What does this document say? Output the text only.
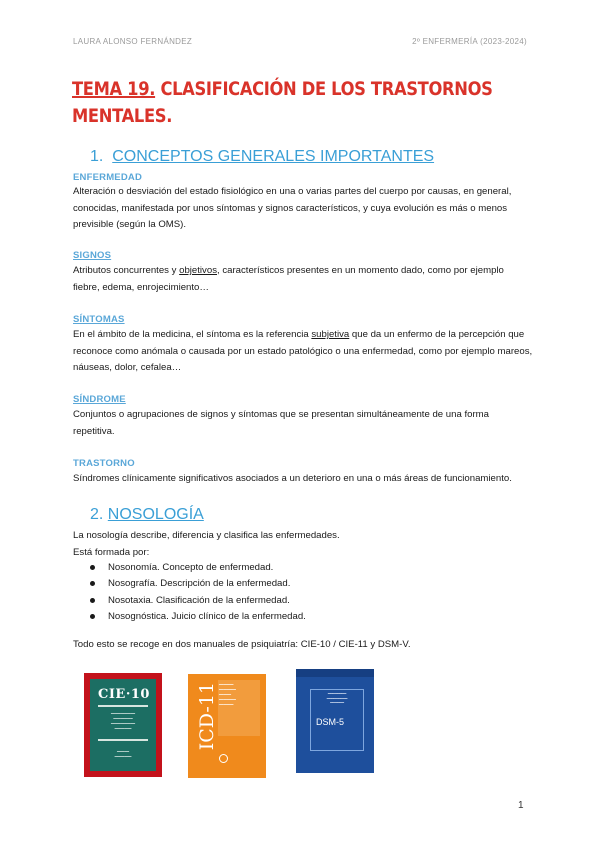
LAURA ALONSO FERNÁNDEZ	2º ENFERMERÍA (2023-2024)
TEMA 19. CLASIFICACIÓN DE LOS TRASTORNOS
MENTALES.
1. CONCEPTOS GENERALES IMPORTANTES
ENFERMEDAD
Alteración o desviación del estado fisiológico en una o varias partes del cuerpo por causas, en general, conocidas, manifestada por unos síntomas y signos característicos, y cuya evolución es más o menos previsible (según la OMS).
SIGNOS
Atributos concurrentes y objetivos, característicos presentes en un momento dado, como por ejemplo fiebre, edema, enrojecimiento…
SÍNTOMAS
En el ámbito de la medicina, el síntoma es la referencia subjetiva que da un enfermo de la percepción que reconoce como anómala o causada por un estado patológico o una enfermedad, como por ejemplo mareos, náuseas, dolor, cefalea…
SÍNDROME
Conjuntos o agrupaciones de signos y síntomas que se presentan simultáneamente de una forma repetitiva.
TRASTORNO
Síndromes clínicamente significativos asociados a un deterioro en una o más áreas de funcionamiento.
2. NOSOLOGÍA
La nosología describe, diferencia y clasifica las enfermedades.
Está formada por:
Nosonomía. Concepto de enfermedad.
Nosografía. Descripción de la enfermedad.
Nosotaxia. Clasificación de la enfermedad.
Nosognóstica. Juicio clínico de la enfermedad.
Todo esto se recoge en dos manuales de psiquiatría: CIE-10 / CIE-11 y DSM-V.
CIE·10
━━━━━━━━━━
━━━━━━━━
━━━━━━━━━━
━━━━━━━
━━━━━
━━━━━━━
ICD-11 ━━━━━━
━━━━━━━
━━━━━
━━━━━━━
━━━━━━
━━━━━━━━
━━━━━━━━━
━━━━━━
DSM-5
1
